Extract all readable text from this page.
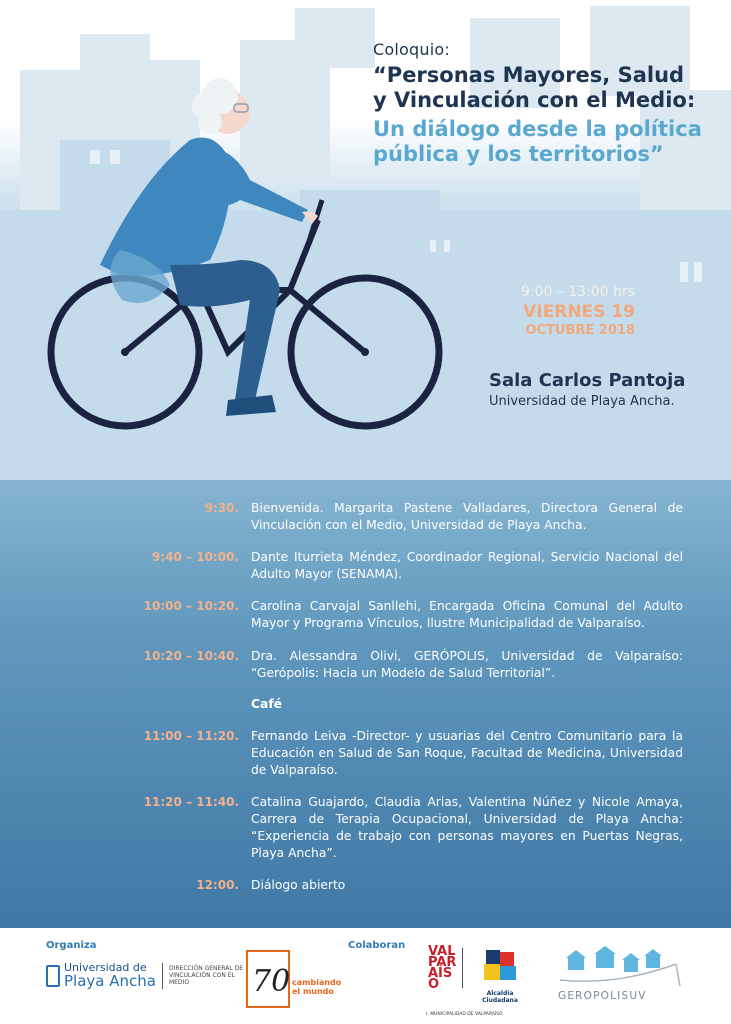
Coloquio:
“Personas Mayores, Salud
y Vinculación con el Medio:
Un diálogo desde la política
pública y los territorios”
9:00 – 13:00 hrs
VIERNES 19
OCTUBRE 2018
Sala Carlos Pantoja
Universidad de Playa Ancha.
9:30. Bienvenida. Margarita Pastene Valladares, Directora General de Vinculación con el Medio, Universidad de Playa Ancha.
9:40 – 10:00. Dante Iturrieta Méndez, Coordinador Regional, Servicio Nacional del Adulto Mayor (SENAMA).
10:00 – 10:20. Carolina Carvajal Sanllehi, Encargada Oficina Comunal del Adulto Mayor y Programa Vínculos, Ilustre Municipalidad de Valparaíso.
10:20 – 10:40. Dra. Alessandra Olivi, GERÓPOLIS, Universidad de Valparaíso: “Gerópolis: Hacia un Modelo de Salud Territorial”.
Café
11:00 – 11:20. Fernando Leiva -Director- y usuarias del Centro Comunitario para la Educación en Salud de San Roque, Facultad de Medicina, Universidad de Valparaíso.
11:20 – 11:40. Catalina Guajardo, Claudia Arias, Valentina Núñez y Nicole Amaya, Carrera de Terapia Ocupacional, Universidad de Playa Ancha: “Experiencia de trabajo con personas mayores en Puertas Negras, Playa Ancha”.
12:00. Diálogo abierto
Organiza	Colaboran
Universidad de
Playa Ancha
DIRECCIÓN GENERAL DE VINCULACIÓN CON EL MEDIO	70 cambiando el mundo
VALPARAÍSO
Alcaldía Ciudadana
I. MUNICIPALIDAD DE VALPARAÍSO
GEROPOLISUV
